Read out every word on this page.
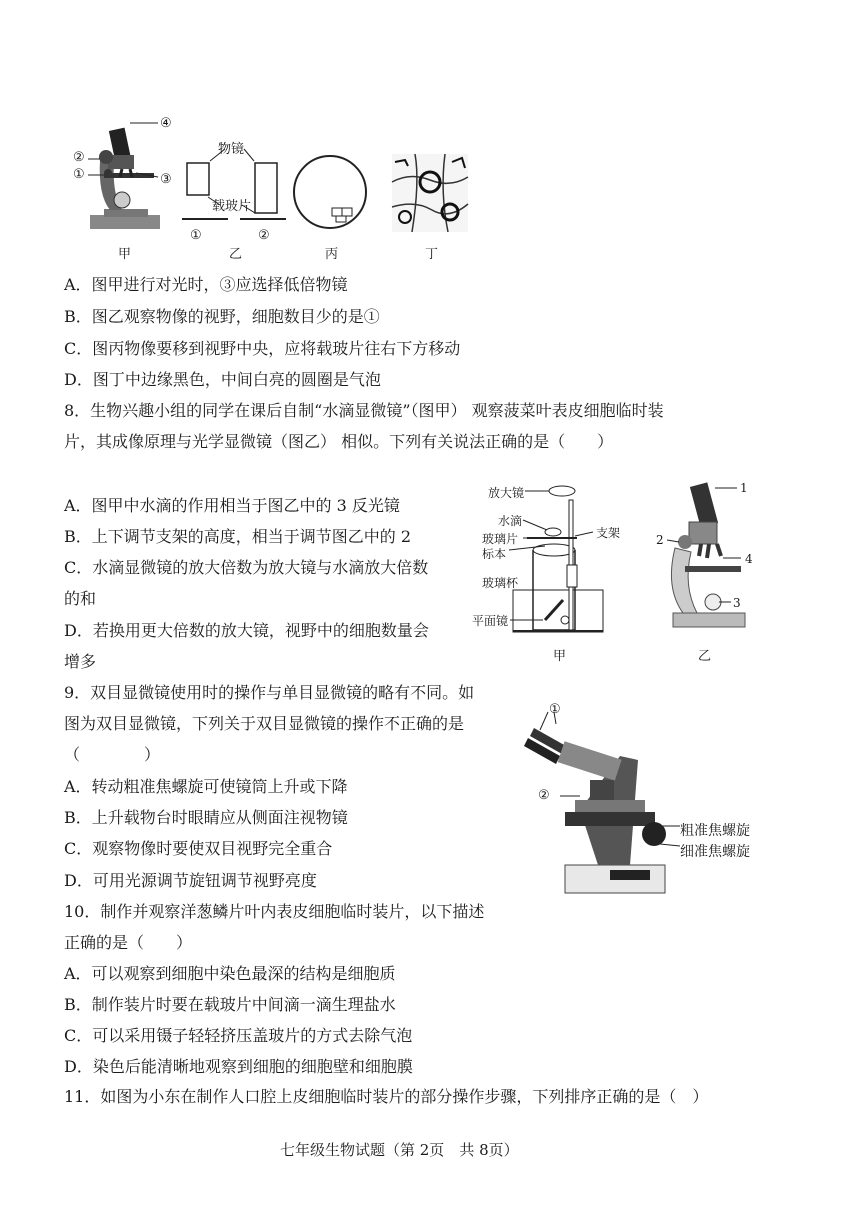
④
②
①	③
甲
物镜
载玻片
①	②
乙	丙	丁
A．图甲进行对光时，③应选择低倍物镜
B．图乙观察物像的视野，细胞数目少的是①
C．图丙物像要移到视野中央，应将载玻片往右下方移动
D．图丁中边缘黑色，中间白亮的圆圈是气泡
8．生物兴趣小组的同学在课后自制“水滴显微镜”（图甲） 观察菠菜叶表皮细胞临时装
片，其成像原理与光学显微镜（图乙） 相似。下列有关说法正确的是（　　）
A．图甲中水滴的作用相当于图乙中的 3 反光镜
B．上下调节支架的高度，相当于调节图乙中的 2
C．水滴显微镜的放大倍数为放大镜与水滴放大倍数
的和
D．若换用更大倍数的放大镜，视野中的细胞数量会
增多
放大镜
水滴
玻璃片
标本
支架
玻璃杯
平面镜
甲
1
2
3
4
乙
9．双目显微镜使用时的操作与单目显微镜的略有不同。如
图为双目显微镜，下列关于双目显微镜的操作不正确的是
（　　　　）
A．转动粗准焦螺旋可使镜筒上升或下降
B．上升载物台时眼睛应从侧面注视物镜
C．观察物像时要使双目视野完全重合
D．可用光源调节旋钮调节视野亮度
①
②
粗准焦螺旋
细准焦螺旋
10．制作并观察洋葱鳞片叶内表皮细胞临时装片，以下描述
正确的是（　　）
A．可以观察到细胞中染色最深的结构是细胞质
B．制作装片时要在载玻片中间滴一滴生理盐水
C．可以采用镊子轻轻挤压盖玻片的方式去除气泡
D．染色后能清晰地观察到细胞的细胞壁和细胞膜
11．如图为小东在制作人口腔上皮细胞临时装片的部分操作步骤，下列排序正确的是（　）
七年级生物试题（第 2页　共 8页）
